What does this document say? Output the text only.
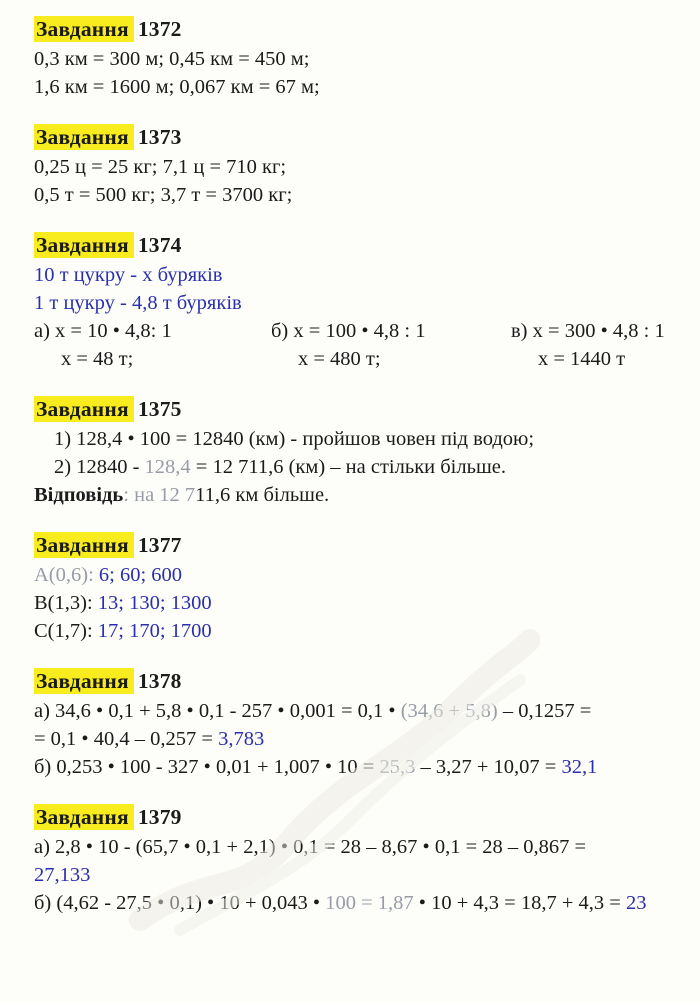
Завдання 1372
0,3 км = 300 м; 0,45 км = 450 м;
1,6 км = 1600 м; 0,067 км = 67 м;
Завдання 1373
0,25 ц = 25 кг; 7,1 ц = 710 кг;
0,5 т = 500 кг; 3,7 т = 3700 кг;
Завдання 1374
10 т цукру - х буряків
1 т цукру - 4,8 т буряків
а) х = 10 • 4,8: 1
х = 48 т;
б) х = 100 • 4,8 : 1
х = 480 т;
в) х = 300 • 4,8 : 1
х = 1440 т
Завдання 1375
1) 128,4 • 100 = 12840 (км) - пройшов човен під водою;
2) 12840 - 128,4 = 12 711,6 (км) – на стільки більше.
Відповідь: на 12 711,6 км більше.
Завдання 1377
А(0,6): 6; 60; 600
В(1,3): 13; 130; 1300
С(1,7): 17; 170; 1700
Завдання 1378
а) 34,6 • 0,1 + 5,8 • 0,1 - 257 • 0,001 = 0,1 • (34,6 + 5,8) – 0,1257 =
= 0,1 • 40,4 – 0,257 = 3,783
б) 0,253 • 100 - 327 • 0,01 + 1,007 • 10 = 25,3 – 3,27 + 10,07 = 32,1
Завдання 1379
а) 2,8 • 10 - (65,7 • 0,1 + 2,1) • 0,1 = 28 – 8,67 • 0,1 = 28 – 0,867 =
27,133
б) (4,62 - 27,5 • 0,1) • 10 + 0,043 • 100 = 1,87 • 10 + 4,3 = 18,7 + 4,3 = 23
